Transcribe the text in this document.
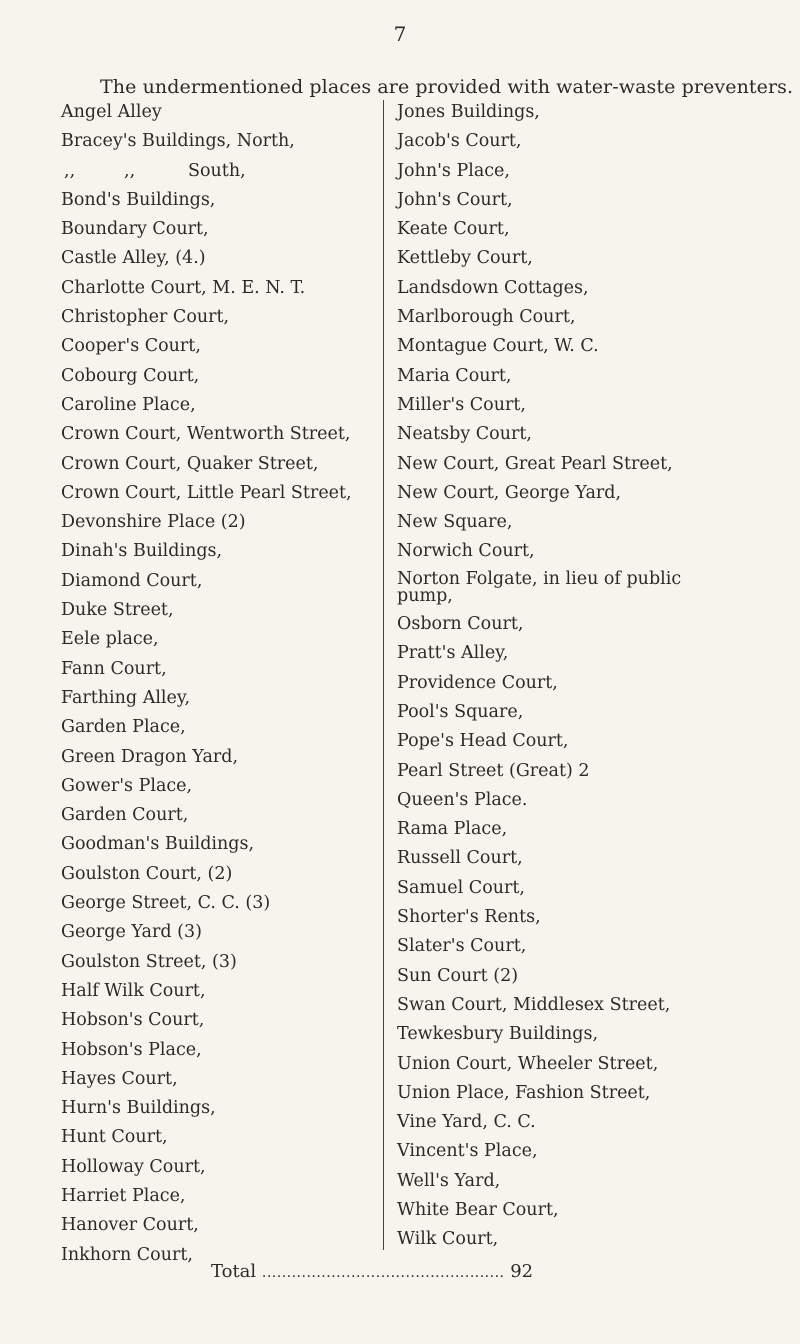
7
The undermentioned places are provided with water-waste preventers.
Angel Alley
Bracey's Buildings, North,
,,	,,	South,
Bond's Buildings,
Boundary Court,
Castle Alley, (4.)
Charlotte Court, M. E. N. T.
Christopher Court,
Cooper's Court,
Cobourg Court,
Caroline Place,
Crown Court, Wentworth Street,
Crown Court, Quaker Street,
Crown Court, Little Pearl Street,
Devonshire Place (2)
Dinah's Buildings,
Diamond Court,
Duke Street,
Eele place,
Fann Court,
Farthing Alley,
Garden Place,
Green Dragon Yard,
Gower's Place,
Garden Court,
Goodman's Buildings,
Goulston Court, (2)
George Street, C. C. (3)
George Yard (3)
Goulston Street, (3)
Half Wilk Court,
Hobson's Court,
Hobson's Place,
Hayes Court,
Hurn's Buildings,
Hunt Court,
Holloway Court,
Harriet Place,
Hanover Court,
Inkhorn Court,
Jones Buildings,
Jacob's Court,
John's Place,
John's Court,
Keate Court,
Kettleby Court,
Landsdown Cottages,
Marlborough Court,
Montague Court, W. C.
Maria Court,
Miller's Court,
Neatsby Court,
New Court, Great Pearl Street,
New Court, George Yard,
New Square,
Norwich Court,
Norton Folgate, in lieu of public pump,
Osborn Court,
Pratt's Alley,
Providence Court,
Pool's Square,
Pope's Head Court,
Pearl Street (Great) 2
Queen's Place.
Rama Place,
Russell Court,
Samuel Court,
Shorter's Rents,
Slater's Court,
Sun Court (2)
Swan Court, Middlesex Street,
Tewkesbury Buildings,
Union Court, Wheeler Street,
Union Place, Fashion Street,
Vine Yard, C. C.
Vincent's Place,
Well's Yard,
White Bear Court,
Wilk Court,
Total ................................................. 92
